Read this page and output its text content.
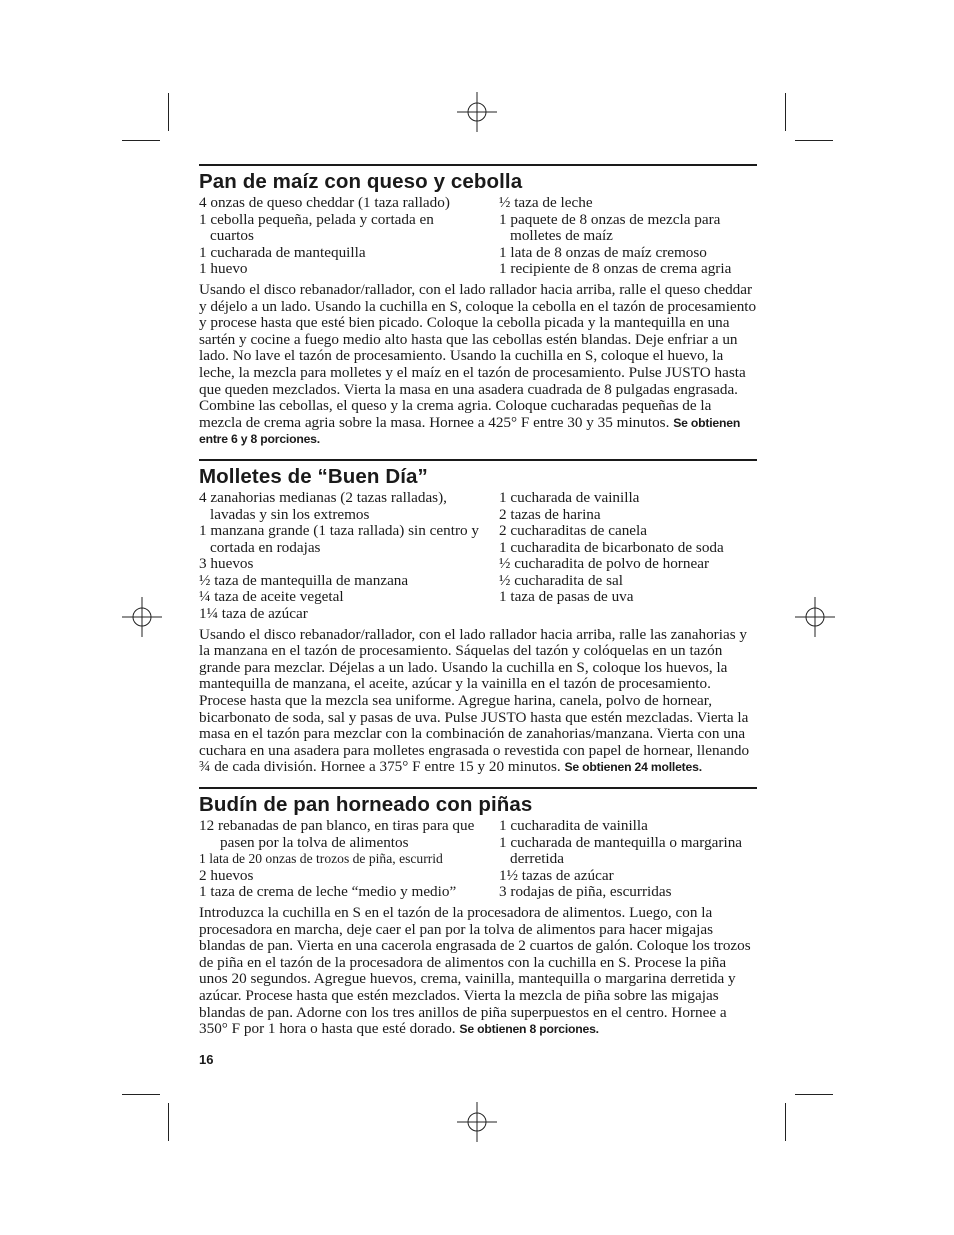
Pan de maíz con queso y cebolla
4 onzas de queso cheddar (1 taza rallado)
1 cebolla pequeña, pelada y cortada en cuartos
1 cucharada de mantequilla
1 huevo
½ taza de leche
1 paquete de 8 onzas de mezcla para molletes de maíz
1 lata de 8 onzas de maíz cremoso
1 recipiente de 8 onzas de crema agria

Usando el disco rebanador/rallador, con el lado rallador hacia arriba, ralle el queso cheddar y déjelo a un lado. Usando la cuchilla en S, coloque la cebolla en el tazón de procesamiento y procese hasta que esté bien picado. Coloque la cebolla picada y la mantequilla en una sartén y cocine a fuego medio alto hasta que las cebollas estén blandas. Deje enfriar a un lado. No lave el tazón de procesamiento. Usando la cuchilla en S, coloque el huevo, la leche, la mezcla para molletes y el maíz en el tazón de procesamiento. Pulse JUSTO hasta que queden mezclados. Vierta la masa en una asadera cuadrada de 8 pulgadas engrasada. Combine las cebollas, el queso y la crema agria. Coloque cucharadas pequeñas de la mezcla de crema agria sobre la masa. Hornee a 425° F entre 30 y 35 minutos. Se obtienen entre 6 y 8 porciones.

Molletes de “Buen Día”
4 zanahorias medianas (2 tazas ralladas), lavadas y sin los extremos
1 manzana grande (1 taza rallada) sin centro y cortada en rodajas
3 huevos
½ taza de mantequilla de manzana
¼ taza de aceite vegetal
1¼ taza de azúcar
1 cucharada de vainilla
2 tazas de harina
2 cucharaditas de canela
1 cucharadita de bicarbonato de soda
½ cucharadita de polvo de hornear
½ cucharadita de sal
1 taza de pasas de uva

Usando el disco rebanador/rallador, con el lado rallador hacia arriba, ralle las zanahorias y la manzana en el tazón de procesamiento. Sáquelas del tazón y colóquelas en un tazón grande para mezclar. Déjelas a un lado. Usando la cuchilla en S, coloque los huevos, la mantequilla de manzana, el aceite, azúcar y la vainilla en el tazón de procesamiento. Procese hasta que la mezcla sea uniforme. Agregue harina, canela, polvo de hornear, bicarbonato de soda, sal y pasas de uva. Pulse JUSTO hasta que estén mezcladas. Vierta la masa en el tazón para mezclar con la combinación de zanahorias/manzana. Vierta con una cuchara en una asadera para molletes engrasada o revestida con papel de hornear, llenando ¾ de cada división. Hornee a 375° F entre 15 y 20 minutos. Se obtienen 24 molletes.

Budín de pan horneado con piñas
12 rebanadas de pan blanco, en tiras para que pasen por la tolva de alimentos
1 lata de 20 onzas de trozos de piña, escurrid
2 huevos
1 taza de crema de leche “medio y medio”
1 cucharadita de vainilla
1 cucharada de mantequilla o margarina derretida
1½ tazas de azúcar
3 rodajas de piña, escurridas

Introduzca la cuchilla en S en el tazón de la procesadora de alimentos. Luego, con la procesadora en marcha, deje caer el pan por la tolva de alimentos para hacer migajas blandas de pan. Vierta en una cacerola engrasada de 2 cuartos de galón. Coloque los trozos de piña en el tazón de la procesadora de alimentos con la cuchilla en S. Procese la piña unos 20 segundos. Agregue huevos, crema, vainilla, mantequilla o margarina derretida y azúcar. Procese hasta que estén mezclados. Vierta la mezcla de piña sobre las migajas blandas de pan. Adorne con los tres anillos de piña superpuestos en el centro. Hornee a 350° F por 1 hora o hasta que esté dorado. Se obtienen 8 porciones.

16
